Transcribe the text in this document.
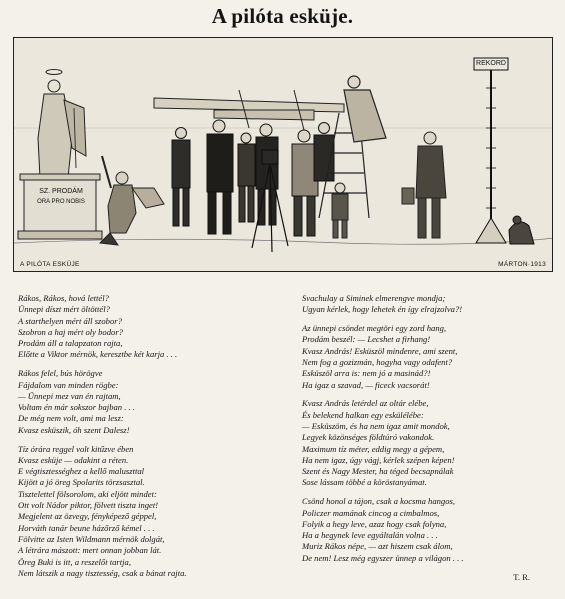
A pilóta esküje.
SZ. PRODÁM
ORA PRO NOBIS
REKORD
A PILÓTA ESKÜJE	MÁRTON·1913
Rákos, Rákos, hová lettél?
Ünnepi díszt mért öltöttél?
A starthelyen mért áll szobor?
Szobron a haj mért oly bodor?
Prodám áll a talapzaton rajta,
Előtte a Viktor mérnök, keresztbe két karja . . .
Rákos felel, bús hörögve
Fájdalom van minden rögbe:
— Ünnepi mez van én rajtam,
Voltam én már sokszor bajban . . .
De még nem volt, ami ma lesz:
Kvasz esküszik, óh szent Dalesz!
Tíz órára reggel volt kitűzve ében
Kvasz esküje — odakint a réten.
E végtisztességhez a kellő maluszttal
Kijött a jó öreg Spolarits törzsasztal.
Tisztelettel fölsorolom, aki eljött mindet:
Ott volt Nádor piktor, fölvett tiszta inget!
Megjelent az özvegy, fényképező géppel,
Horváth tanár beune házőrző kémel . . .
Fölvitte az Isten Wildmann mérnök dolgát,
A létrára mászott: mert onnan jobban lát.
Öreg Buki is itt, a reszelőt tartja,
Nem látszik a nagy tisztesség, csak a bánat rajta.
Svachulay a Siminek elmerengve mondja;
Ugyan kérlek, hogy lehetek én így elrajzolva?!
Az ünnepi csöndet megtöri egy zord hang,
Prodám beszél: — Lecshet a firhang!
Kvasz András! Esküszöl mindenre, ami szent,
Nem fog a gozizmán, hogyha vagy odafent?
Esküszöl arra is: nem jó a masinád?!
Ha igaz a szavad, — ficeck vacsorát!
Kvasz András letérdel az oltár elébe,
És belekend halkan egy eskülélébe:
— Esküszöm, és ha nem igaz amit mondok,
Legyek közönséges földtúró vakondok.
Maximum tíz méter, eddig megy a gépem,
Ha nem igaz, úgy vágj, kérlek szépen képen!
Szent és Nagy Mester, ha téged becsapnálak
Sose lássam többé a köröstanyámat.
Csönd honol a tájon, csak a kocsma hangos,
Policzer mamának cincog a cimbalmos,
Folyik a hegy leve, azaz hogy csak folyna,
Ha a hegynek leve egyáltalán volna . . .
Muriz Rákos népe, — azt hiszem csak álom,
De nem! Lesz még egyszer ünnep a világon . . .
T. R.
